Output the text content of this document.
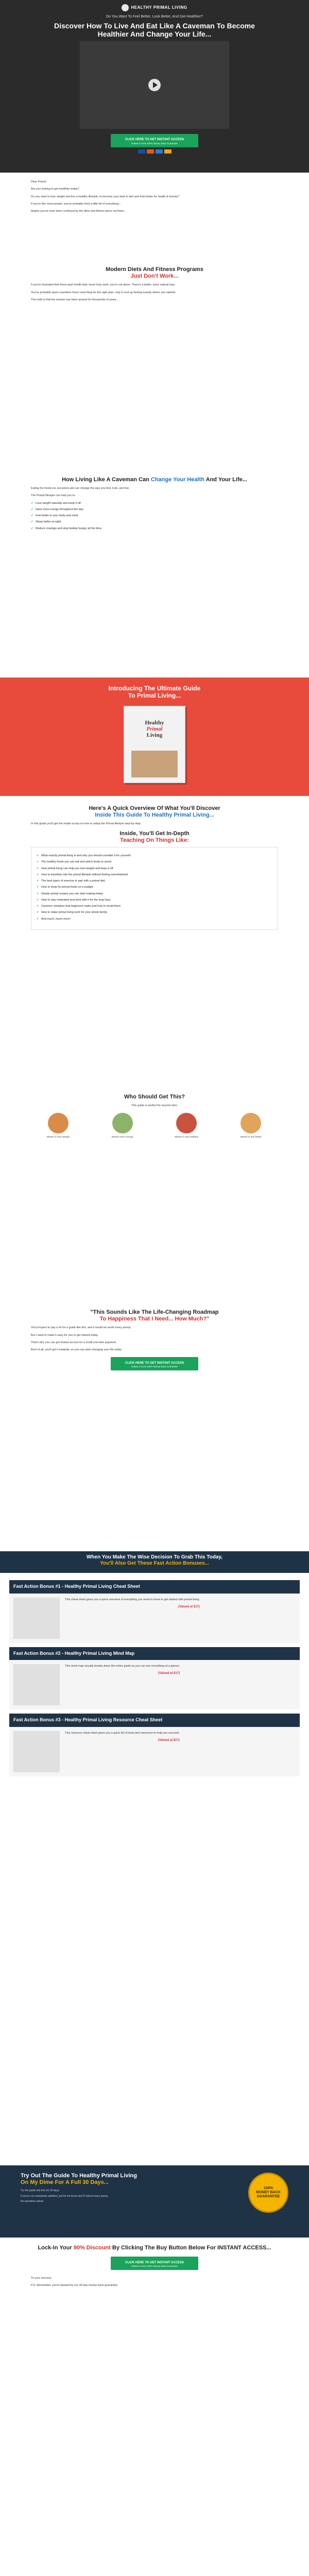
HEALTHY PRIMAL LIVING
Do You Want To Feel Better, Look Better, And Get Healthier?
Discover How To Live And Eat Like A Caveman To Become Healthier And Change Your Life...
CLICK HERE TO GET INSTANT ACCESS
Instant Access 100% Money Back Guarantee
Dear Friend,
Are you looking to get healthier today?
Do you want to lose weight and live a healthy lifestyle, to become your best to feel and look better for health & beauty?
If you're like most people, you've probably tried a little bit of everything...
Maybe you've even been confused by the diets and fitness plans out there...
Modern Diets And Fitness Programs
Just Don't Work...
If you're frustrated that these past health fads never truly work, you're not alone. There's a better, more natural way.
You've probably spent countless hours searching for the right plan, only to end up feeling exactly where you started.
The truth is that the answer has been around for thousands of years...
How Living Like A Caveman Can Change Your Health And Your Life...
Eating the foods our ancestors ate can change the way you feel, look, and live.
The Primal lifestyle can help you to:
✔ Lose weight naturally and keep it off.
✔ Have more energy throughout the day.
✔ Feel better in your body and mind.
✔ Sleep better at night.
✔ Reduce cravings and stop feeling hungry all the time.
Introducing The Ultimate Guide
To Primal Living...
Healthy
Primal
Living
Here's A Quick Overview Of What You'll Discover
Inside This Guide To Healthy Primal Living...
In this guide you'll get the inside scoop on how to adopt the Primal lifestyle step-by-step.
Inside, You'll Get In-Depth
Teaching On Things Like:
✔ What exactly primal living is and why you should consider it for yourself.
✔ The healthy foods you can eat and which foods to avoid.
✔ How primal living can help you lose weight and keep it off.
✔ How to transition into the primal lifestyle without feeling overwhelmed.
✔ The best types of exercise to pair with a primal diet.
✔ How to shop for primal foods on a budget.
✔ Simple primal recipes you can start making today.
✔ How to stay motivated and stick with it for the long haul.
✔ Common mistakes that beginners make and how to avoid them.
✔ How to make primal living work for your whole family.
✔ And much, much more!
Who Should Get This?
This guide is perfect for anyone who:
Wants to lose weight	Wants more energy	Wants to eat healthier	Wants to feel better
"This Sounds Like The Life-Changing Roadmap
To Happiness That I Need... How Much?"
You'd expect to pay a lot for a guide like this, and it would be worth every penny.
But I want to make it easy for you to get started today.
That's why you can get instant access for a small one-time payment.
Best of all, you'll get it instantly, so you can start changing your life today.
CLICK HERE TO GET INSTANT ACCESS
Instant Access 100% Money Back Guarantee
When You Make The Wise Decision To Grab This Today,
You'll Also Get These Fast Action Bonuses...
Fast Action Bonus #1 - Healthy Primal Living Cheat Sheet
This cheat sheet gives you a quick overview of everything you need to know to get started with primal living.
(Valued at $17)
Fast Action Bonus #2 - Healthy Primal Living Mind Map
This mind map visually breaks down the entire guide so you can see everything at a glance.
(Valued at $17)
Fast Action Bonus #3 - Healthy Primal Living Resource Cheat Sheet
This resource cheat sheet gives you a quick list of tools and resources to help you succeed.
(Valued at $17)
Try Out The Guide To Healthy Primal Living
On My Dime For A Full 30 Days...

Try the guide risk-free for 30 days.

If you're not completely satisfied, just let me know and I'll refund every penny.

No questions asked.

100%
MONEY BACK
GUARANTEE
Lock-In Your 90% Discount By Clicking The Buy Button Below For INSTANT ACCESS...
CLICK HERE TO GET INSTANT ACCESS
Instant Access 100% Money Back Guarantee
To your success,
P.S. Remember, you're backed by our 30-day money back guarantee.
